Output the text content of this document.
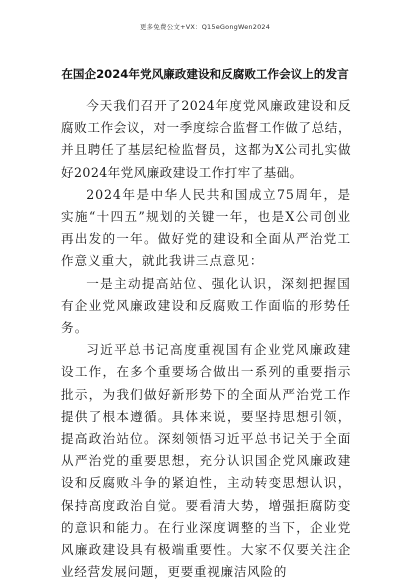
更多免费公文+VX：Q15eGongWen2024
在国企2024年党风廉政建设和反腐败工作会议上的发言

今天我们召开了2024年度党风廉政建设和反腐败工作会议，对一季度综合监督工作做了总结，并且聘任了基层纪检监督员，这都为X公司扎实做好2024年党风廉政建设工作打牢了基础。

2024年是中华人民共和国成立75周年，是实施“十四五”规划的关键一年，也是X公司创业再出发的一年。做好党的建设和全面从严治党工作意义重大，就此我讲三点意见：

一是主动提高站位、强化认识，深刻把握国有企业党风廉政建设和反腐败工作面临的形势任务。

习近平总书记高度重视国有企业党风廉政建设工作，在多个重要场合做出一系列的重要指示批示，为我们做好新形势下的全面从严治党工作提供了根本遵循。具体来说，要坚持思想引领，提高政治站位。深刻领悟习近平总书记关于全面从严治党的重要思想，充分认识国企党风廉政建设和反腐败斗争的紧迫性，主动转变思想认识，保持高度政治自觉。要看清大势，增强拒腐防变的意识和能力。在行业深度调整的当下，企业党风廉政建设具有极端重要性。大家不仅要关注企业经营发展问题，更要重视廉洁风险的
